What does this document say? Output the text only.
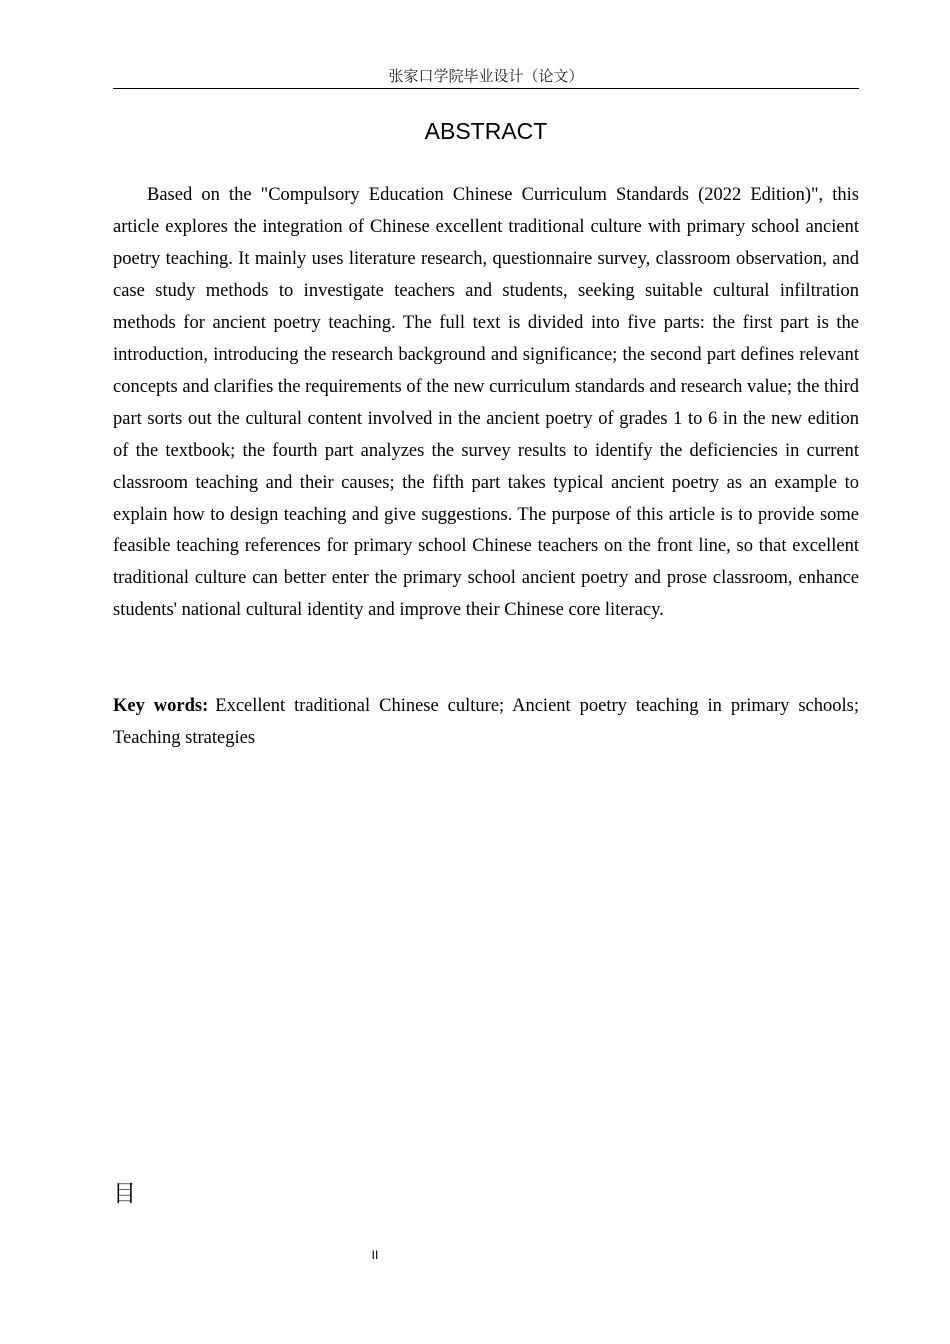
张家口学院毕业设计（论文）
ABSTRACT

Based on the "Compulsory Education Chinese Curriculum Standards (2022 Edition)", this article explores the integration of Chinese excellent traditional culture with primary school ancient poetry teaching. It mainly uses literature research, questionnaire survey, classroom observation, and case study methods to investigate teachers and students, seeking suitable cultural infiltration methods for ancient poetry teaching. The full text is divided into five parts: the first part is the introduction, introducing the research background and significance; the second part defines relevant concepts and clarifies the requirements of the new curriculum standards and research value; the third part sorts out the cultural content involved in the ancient poetry of grades 1 to 6 in the new edition of the textbook; the fourth part analyzes the survey results to identify the deficiencies in current classroom teaching and their causes; the fifth part takes typical ancient poetry as an example to explain how to design teaching and give suggestions. The purpose of this article is to provide some feasible teaching references for primary school Chinese teachers on the front line, so that excellent traditional culture can better enter the primary school ancient poetry and prose classroom, enhance students' national cultural identity and improve their Chinese core literacy.

Key words: Excellent traditional Chinese culture; Ancient poetry teaching in primary schools; Teaching strategies

目
II
